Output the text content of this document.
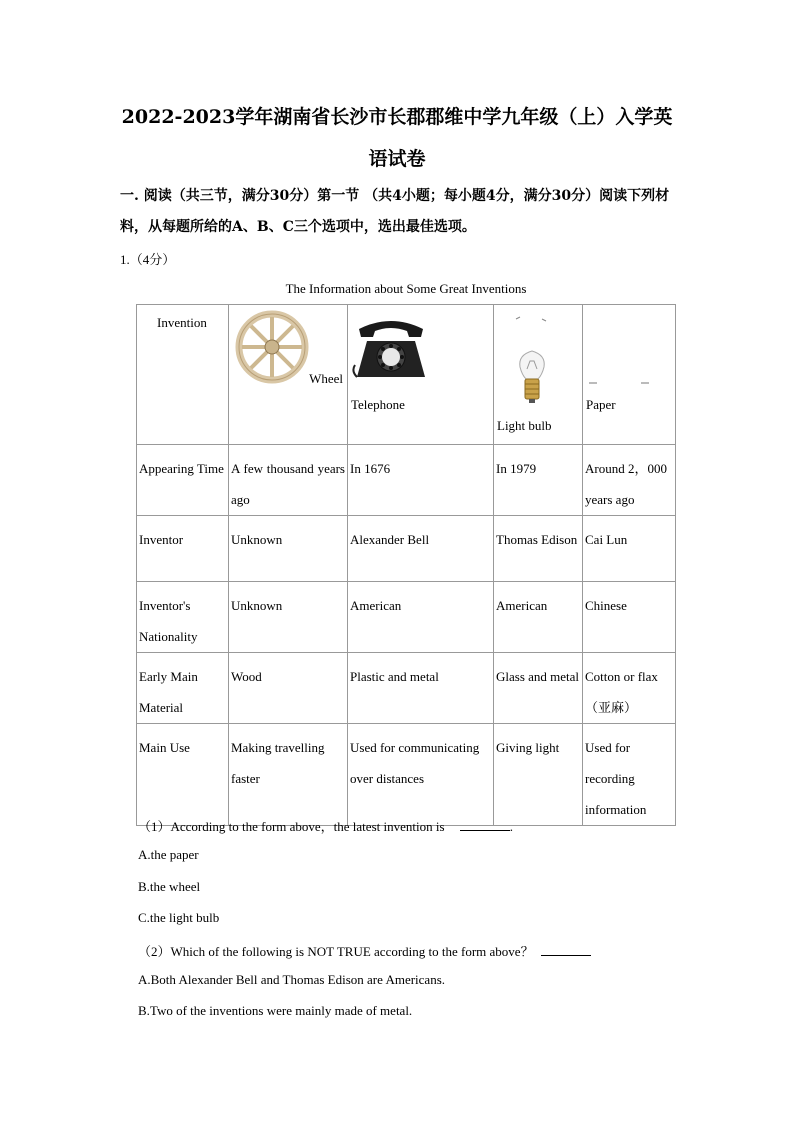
2022-2023学年湖南省长沙市长郡郡维中学九年级（上）入学英
语试卷
一. 阅读（共三节，满分30分）第一节 （共4小题；每小题4分，满分30分）阅读下列材料，从每题所给的A、B、C三个选项中，选出最佳选项。
1.（4分）
The Information about Some Great Inventions
Invention	Wheel	Telephone	Light bulb	Paper

Appearing Time	A few thousand years ago	In 1676	In 1979	Around 2，000 years ago
Inventor	Unknown	Alexander Bell	Thomas Edison	Cai Lun
Inventor's Nationality	Unknown	American	American	Chinese
Early Main Material	Wood	Plastic and metal	Glass and metal	Cotton or flax（亚麻）
Main Use	Making travelling faster	Used for communicating over distances	Giving light	Used for recording information
（1）According to the form above，the latest invention is	.
A.the paper
B.the wheel
C.the light bulb
（2）Which of the following is NOT TRUE according to the form above？
A.Both Alexander Bell and Thomas Edison are Americans.
B.Two of the inventions were mainly made of metal.
